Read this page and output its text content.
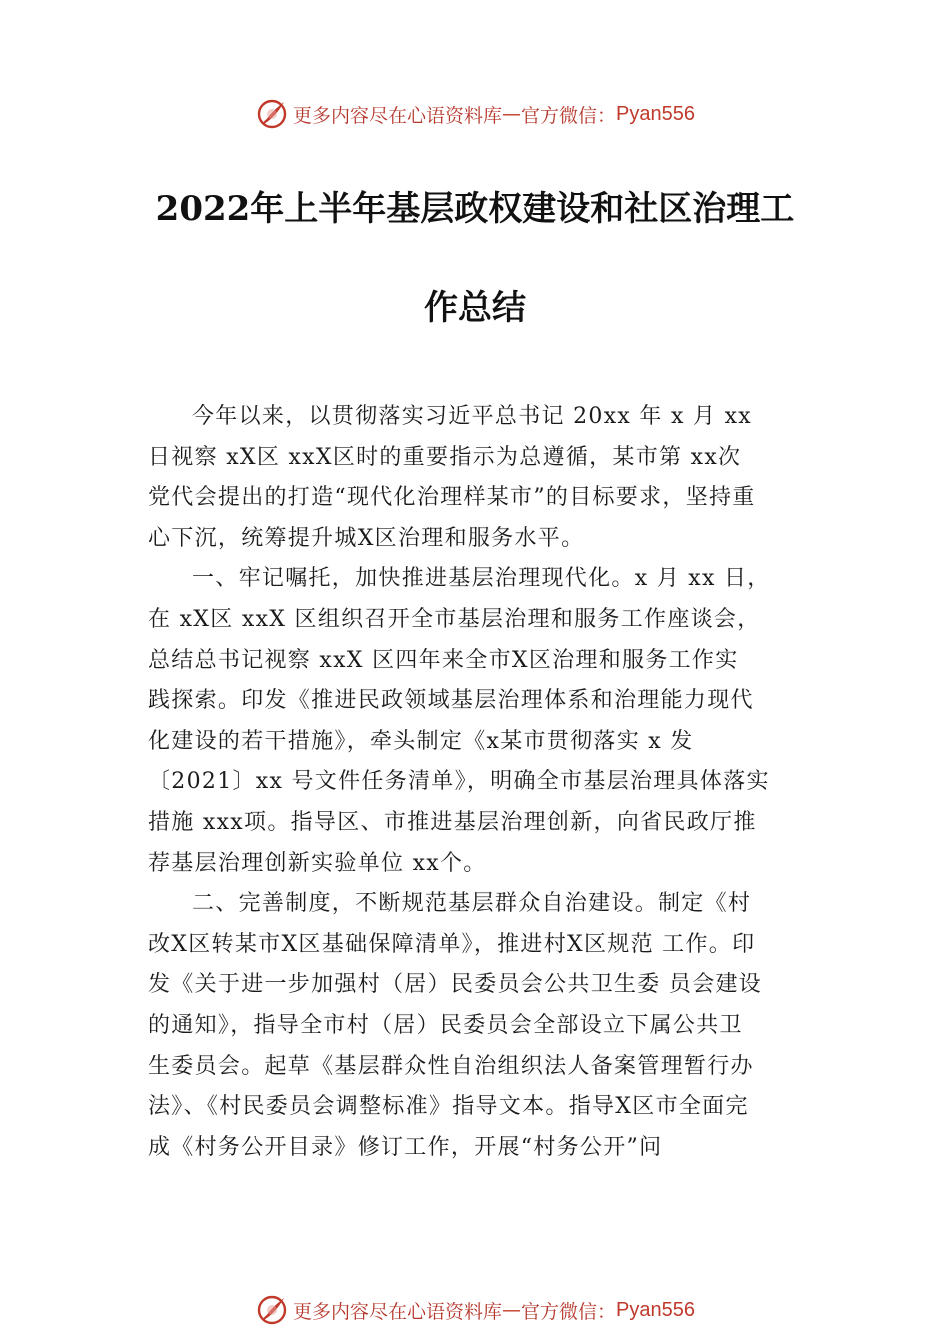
更多内容尽在心语资料库 — 官方微信： Pyan556
2022年上半年基层政权建设和社区治理工
作总结
今年以来，以贯彻落实习近平总书记 20xx 年 x 月 xx
日视察 xX区 xxX区时的重要指示为总遵循，某市第 xx次
党代会提出的打造“现代化治理样某市”的目标要求，坚持重
心下沉，统筹提升城X区治理和服务水平。
一、牢记嘱托，加快推进基层治理现代化。x 月 xx 日，
在 xX区 xxX 区组织召开全市基层治理和服务工作座谈会，
总结总书记视察 xxX 区四年来全市X区治理和服务工作实
践探索。印发《推进民政领域基层治理体系和治理能力现代
化建设的若干措施》，牵头制定《x某市贯彻落实 x 发
〔2021〕xx 号文件任务清单》，明确全市基层治理具体落实
措施 xxx项。指导区、市推进基层治理创新，向省民政厅推
荐基层治理创新实验单位 xx个。
二、完善制度，不断规范基层群众自治建设。制定《村
改X区转某市X区基础保障清单》，推进村X区规范 工作。印
发《关于进一步加强村（居）民委员会公共卫生委 员会建设
的通知》，指导全市村（居）民委员会全部设立下属公共卫
生委员会。起草《基层群众性自治组织法人备案管理暂行办
法》、《村民委员会调整标准》指导文本。指导X区市全面完
成《村务公开目录》修订工作，开展“村务公开”问
更多内容尽在心语资料库 — 官方微信： Pyan556
